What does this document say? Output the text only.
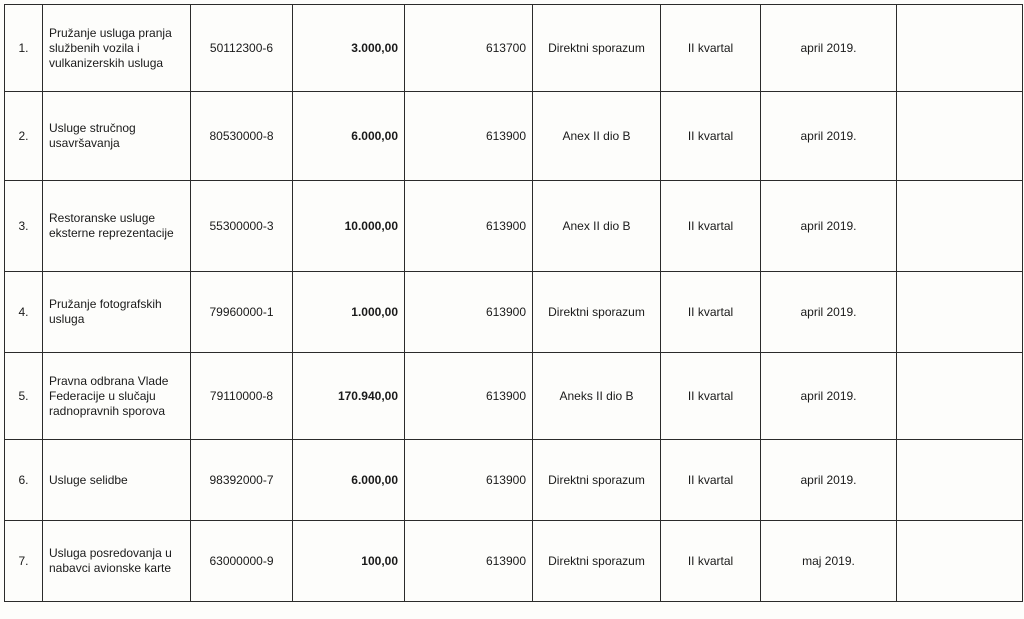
1.	Pružanje usluga pranja službenih vozila i vulkanizerskih usluga	50112300-6	3.000,00	613700	Direktni sporazum	II kvartal	april 2019.	
2.	Usluge stručnog usavršavanja	80530000-8	6.000,00	613900	Anex II dio B	II kvartal	april 2019.	
3.	Restoranske usluge eksterne reprezentacije	55300000-3	10.000,00	613900	Anex II dio B	II kvartal	april 2019.	
4.	Pružanje fotografskih usluga	79960000-1	1.000,00	613900	Direktni sporazum	II kvartal	april 2019.	
5.	Pravna odbrana Vlade Federacije u slučaju radnopravnih sporova	79110000-8	170.940,00	613900	Aneks II dio B	II kvartal	april 2019.	
6.	Usluge selidbe	98392000-7	6.000,00	613900	Direktni sporazum	II kvartal	april 2019.	
7.	Usluga posredovanja u nabavci avionske karte	63000000-9	100,00	613900	Direktni sporazum	II kvartal	maj 2019.	
